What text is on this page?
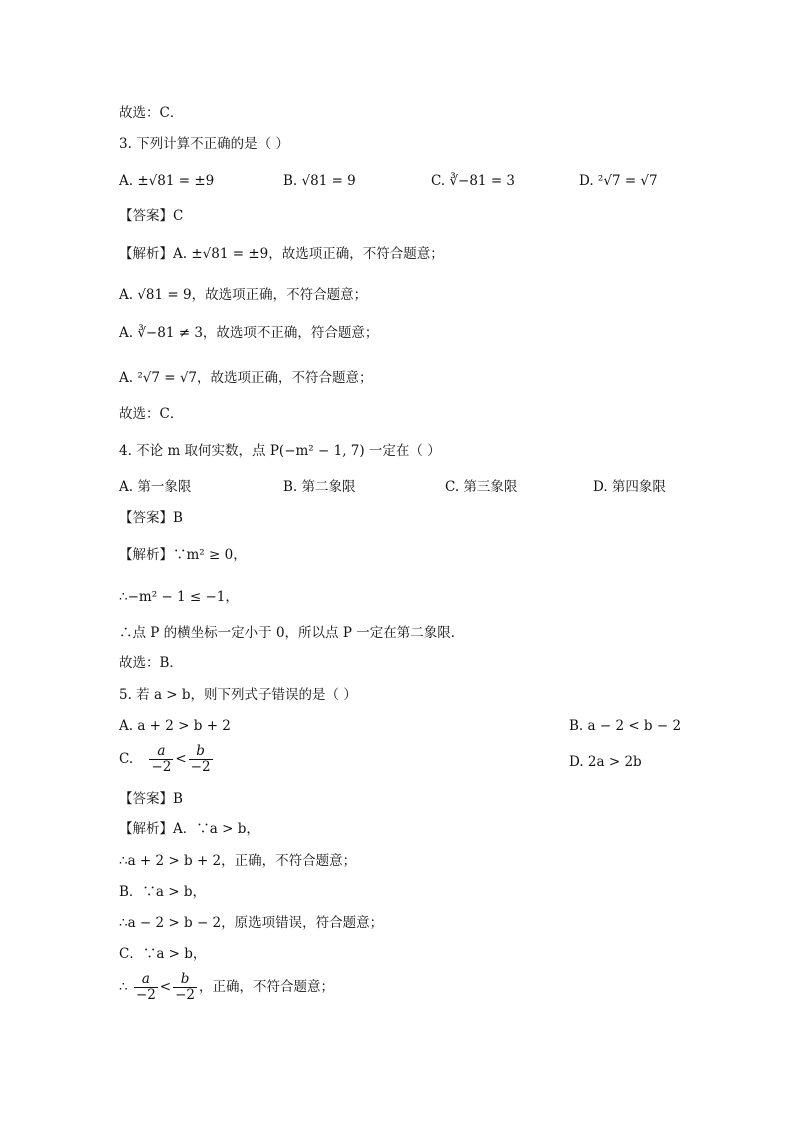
故选：C．
3. 下列计算不正确的是（ ）
A. ±√81 = ±9	B. √81 = 9	C. ∛−81 = 3	D. ²√7 = √7
【答案】C
【解析】A. ±√81 = ±9，故选项正确，不符合题意；
A. √81 = 9，故选项正确，不符合题意；
A. ∛−81 ≠ 3，故选项不正确，符合题意；
A. ²√7 = √7，故选项正确，不符合题意；
故选：C．
4. 不论 m 取何实数，点 P(−m² − 1, 7) 一定在（ ）
A. 第一象限	B. 第二象限	C. 第三象限	D. 第四象限
【答案】B
【解析】∵m² ≥ 0，
∴−m² − 1 ≤ −1，
∴点 P 的横坐标一定小于 0，所以点 P 一定在第二象限．
故选：B．
5. 若 a > b，则下列式子错误的是（ ）
A. a + 2 > b + 2	B. a − 2 < b − 2
C. $\frac{a}{-2} < \frac{b}{-2}$	D. 2a > 2b
【答案】B
【解析】A．∵a > b，
∴a + 2 > b + 2，正确，不符合题意；
B．∵a > b，
∴a − 2 > b − 2，原选项错误，符合题意；
C．∵a > b，
∴ $\frac{a}{-2} < \frac{b}{-2}$ ，正确，不符合题意；
